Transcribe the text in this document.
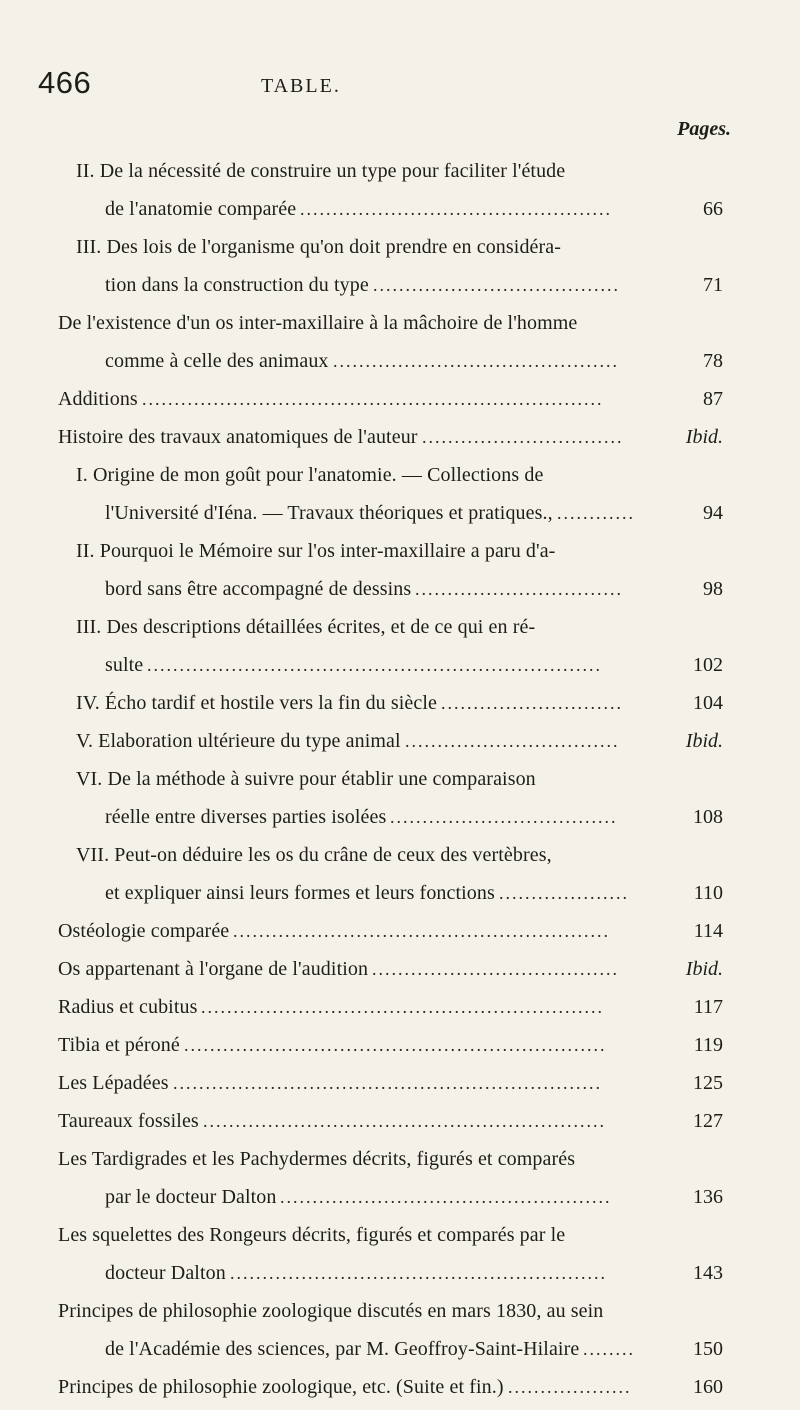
466	TABLE.
Pages.
II. De la nécessité de construire un type pour faciliter l'étude
de l'anatomie comparée ................................................	66
III. Des lois de l'organisme qu'on doit prendre en considéra-
tion dans la construction du type ......................................	71
De l'existence d'un os inter-maxillaire à la mâchoire de l'homme
comme à celle des animaux ............................................	78
Additions .......................................................................	87
Histoire des travaux anatomiques de l'auteur ...............................	Ibid.
I. Origine de mon goût pour l'anatomie. — Collections de
l'Université d'Iéna. — Travaux théoriques et pratiques., ............	94
II. Pourquoi le Mémoire sur l'os inter-maxillaire a paru d'a-
bord sans être accompagné de dessins ................................	98
III. Des descriptions détaillées écrites, et de ce qui en ré-
sulte ......................................................................	102
IV. Écho tardif et hostile vers la fin du siècle ............................	104
V. Elaboration ultérieure du type animal .................................	Ibid.
VI. De la méthode à suivre pour établir une comparaison
réelle entre diverses parties isolées ...................................	108
VII. Peut-on déduire les os du crâne de ceux des vertèbres,
et expliquer ainsi leurs formes et leurs fonctions ....................	110
Ostéologie comparée ..........................................................	114
Os appartenant à l'organe de l'audition ......................................	Ibid.
Radius et cubitus ..............................................................	117
Tibia et péroné .................................................................	119
Les Lépadées ..................................................................	125
Taureaux fossiles ..............................................................	127
Les Tardigrades et les Pachydermes décrits, figurés et comparés
par le docteur Dalton ...................................................	136
Les squelettes des Rongeurs décrits, figurés et comparés par le
docteur Dalton ..........................................................	143
Principes de philosophie zoologique discutés en mars 1830, au sein
de l'Académie des sciences, par M. Geoffroy-Saint-Hilaire ........	150
Principes de philosophie zoologique, etc. (Suite et fin.) ...................	160
